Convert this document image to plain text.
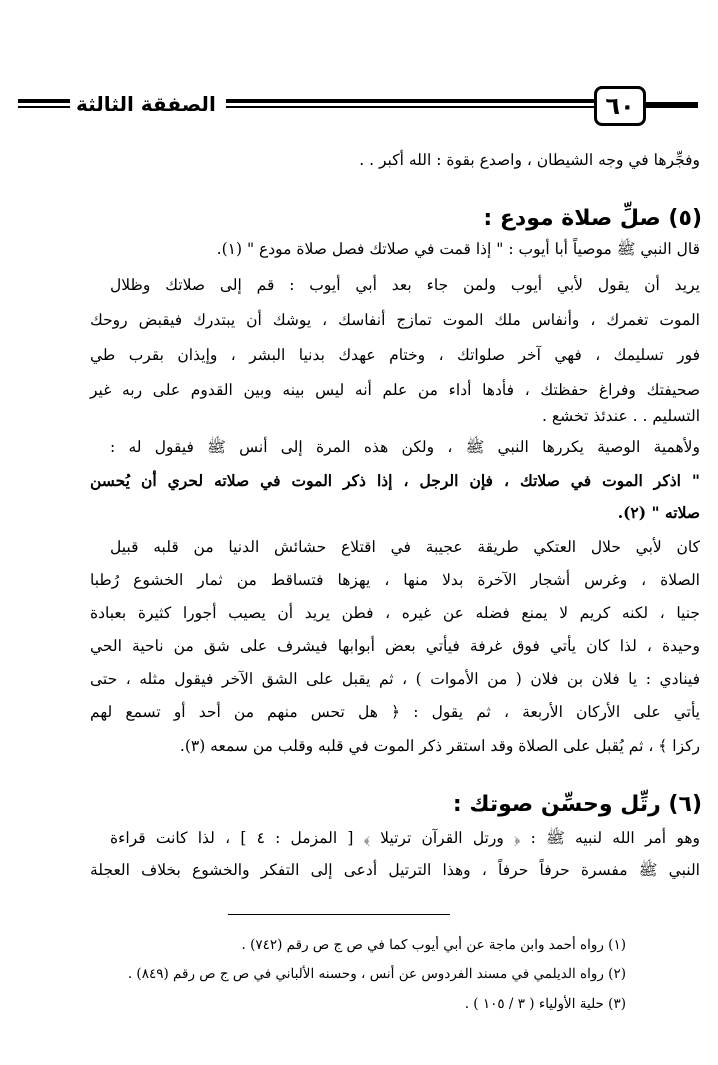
٦٠
الصفقة الثالثة
وفجِّرها في وجه الشيطان ، واصدع بقوة : الله أكبر . .
(٥) صلِّ صلاة مودع :
قال النبي ﷺ موصياً أبا أيوب : " إذا قمت في صلاتك فصل صلاة مودع " (١).
يريد أن يقول لأبي أيوب ولمن جاء بعد أبي أيوب : قم إلى صلاتك وظلال
الموت تغمرك ، وأنفاس ملك الموت تمازج أنفاسك ، يوشك أن يبتدرك فيقبض روحك
فور تسليمك ، فهي آخر صلواتك ، وختام عهدك بدنيا البشر ، وإيذان بقرب طي
صحيفتك وفراغ حفظتك ، فأدها أداء من علم أنه ليس بينه وبين القدوم على ربه غير
التسليم . . عندئذ تخشع .
ولأهمية الوصية يكررها النبي ﷺ ، ولكن هذه المرة إلى أنس ﷺ فيقول له :
" اذكر الموت في صلاتك ، فإن الرجل ، إذا ذكر الموت في صلاته لحري أن يُحسن
صلاته " (٢).
كان لأبي حلال العتكي طريقة عجيبة في اقتلاع حشائش الدنيا من قلبه قبيل
الصلاة ، وغرس أشجار الآخرة بدلا منها ، يهزها فتساقط من ثمار الخشوع رُطبا
جنيا ، لكنه كريم لا يمنع فضله عن غيره ، فطن يريد أن يصيب أجورا كثيرة بعبادة
وحيدة ، لذا كان يأتي فوق غرفة فيأتي بعض أبوابها فيشرف على شق من ناحية الحي
فينادي : يا فلان بن فلان ( من الأموات ) ، ثم يقبل على الشق الآخر فيقول مثله ، حتى
يأتي على الأركان الأربعة ، ثم يقول : ﴿ هل تحس منهم من أحد أو تسمع لهم
ركزا ﴾ ، ثم يُقبل على الصلاة وقد استقر ذكر الموت في قلبه وقلب من سمعه (٣).
(٦) رتِّل وحسِّن صوتك :
وهو أمر الله لنبيه ﷺ : ﴿ ورتل القرآن ترتيلا ﴾ [ المزمل : ٤ ] ، لذا كانت قراءة
النبي ﷺ مفسرة حرفاً حرفاً ، وهذا الترتيل أدعى إلى التفكر والخشوع بخلاف العجلة
(١) رواه أحمد وابن ماجة عن أبي أيوب كما في ص ج ص رقم (٧٤٢) .
(٢) رواه الديلمي في مسند الفردوس عن أنس ، وحسنه الألباني في ص ج ص رقم (٨٤٩) .
(٣) حلية الأولياء ( ٣ / ١٠٥ ) .
